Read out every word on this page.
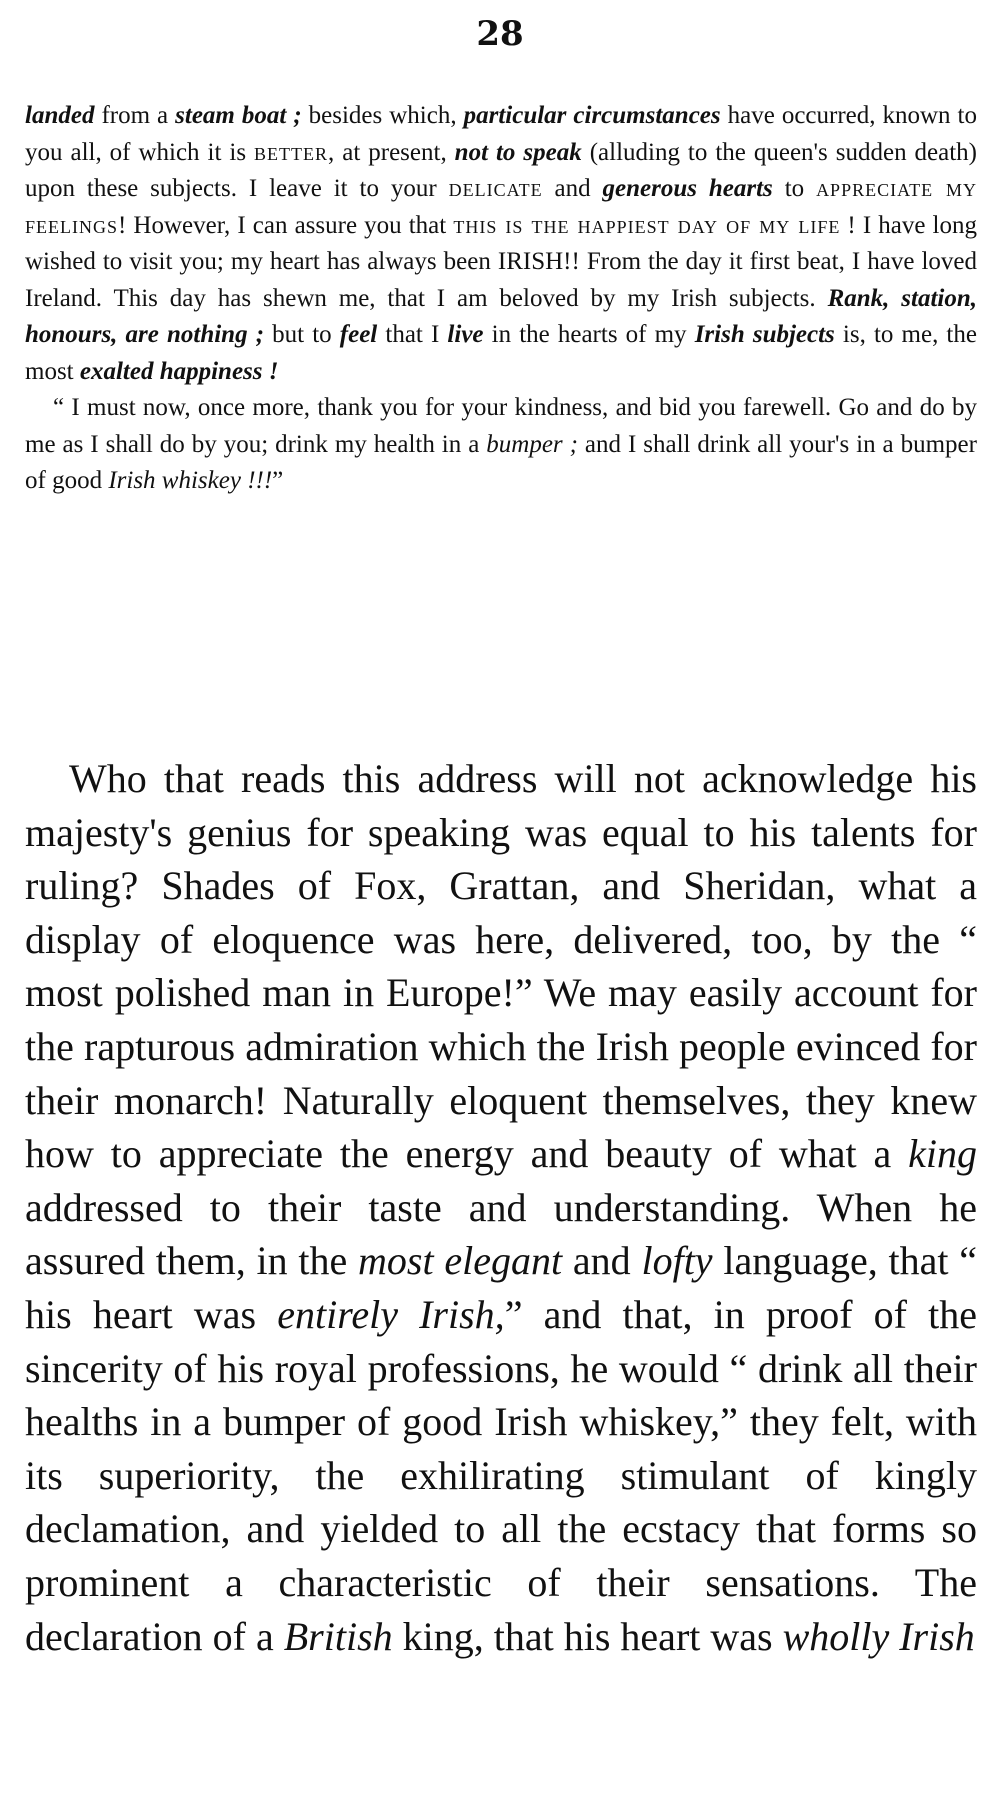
28

landed from a steam boat ; besides which, particular circumstances have occurred, known to you all, of which it is better, at present, not to speak (alluding to the queen's sudden death) upon these subjects. I leave it to your delicate and generous hearts to appreciate my feelings! However, I can assure you that this is the happiest day of my life ! I have long wished to visit you; my heart has always been IRISH!! From the day it first beat, I have loved Ireland. This day has shewn me, that I am beloved by my Irish subjects. Rank, station, honours, are nothing ; but to feel that I live in the hearts of my Irish subjects is, to me, the most exalted happiness !

“ I must now, once more, thank you for your kindness, and bid you farewell. Go and do by me as I shall do by you; drink my health in a bumper ; and I shall drink all your's in a bumper of good Irish whiskey !!!”

Who that reads this address will not acknowledge his majesty's genius for speaking was equal to his talents for ruling? Shades of Fox, Grattan, and Sheridan, what a display of eloquence was here, delivered, too, by the “ most polished man in Europe!” We may easily account for the rapturous admiration which the Irish people evinced for their monarch! Naturally eloquent themselves, they knew how to appreciate the energy and beauty of what a king addressed to their taste and understanding. When he assured them, in the most elegant and lofty language, that “ his heart was entirely Irish,” and that, in proof of the sincerity of his royal professions, he would “ drink all their healths in a bumper of good Irish whiskey,” they felt, with its superiority, the exhilirating stimulant of kingly declamation, and yielded to all the ecstacy that forms so prominent a characteristic of their sensations. The declaration of a British king, that his heart was wholly Irish
